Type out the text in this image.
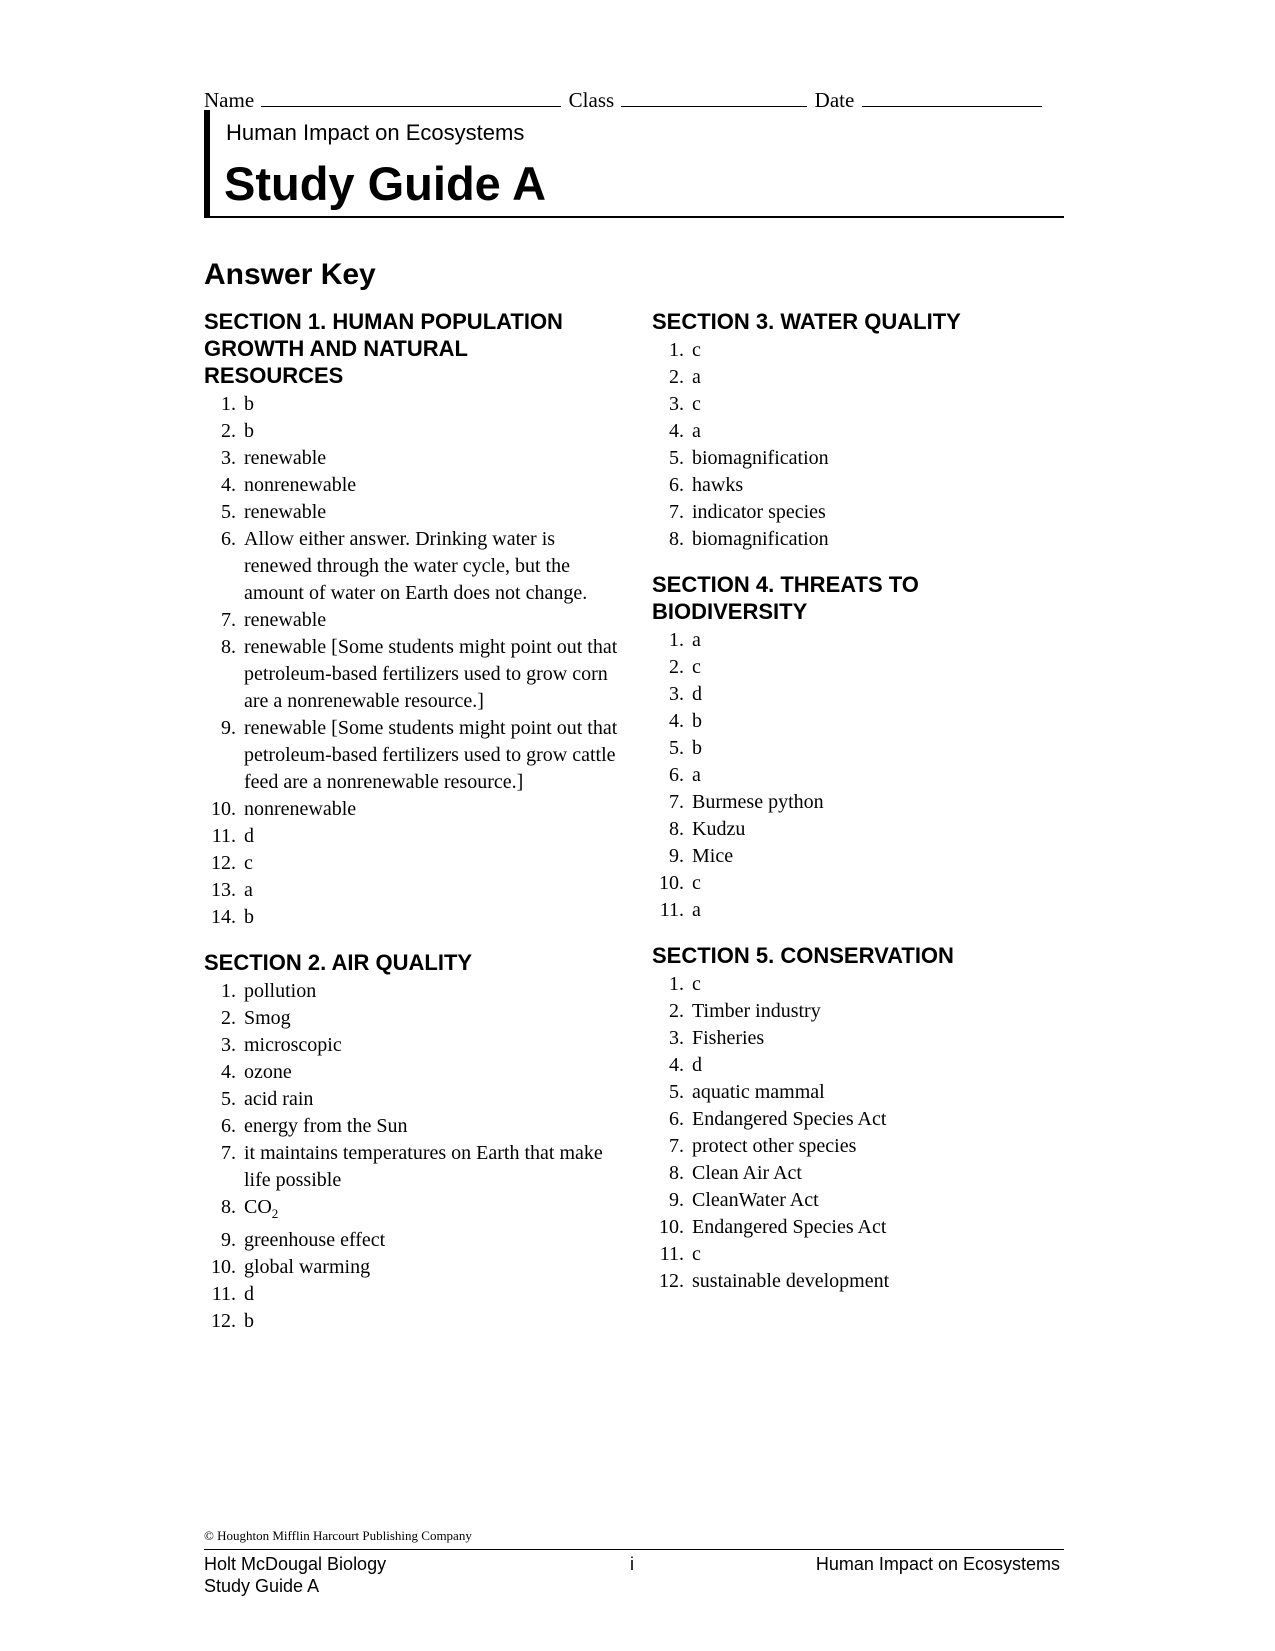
Name	Class	Date
Human Impact on Ecosystems
Study Guide A
Answer Key
SECTION 1. HUMAN POPULATION GROWTH AND NATURAL RESOURCES
1. b
2. b
3. renewable
4. nonrenewable
5. renewable
6. Allow either answer. Drinking water is renewed through the water cycle, but the amount of water on Earth does not change.
7. renewable
8. renewable [Some students might point out that petroleum-based fertilizers used to grow corn are a nonrenewable resource.]
9. renewable [Some students might point out that petroleum-based fertilizers used to grow cattle feed are a nonrenewable resource.]
10. nonrenewable
11. d
12. c
13. a
14. b
SECTION 2. AIR QUALITY
1. pollution
2. Smog
3. microscopic
4. ozone
5. acid rain
6. energy from the Sun
7. it maintains temperatures on Earth that make life possible
8. $CO_2$
9. greenhouse effect
10. global warming
11. d
12. b
SECTION 3. WATER QUALITY
1. c
2. a
3. c
4. a
5. biomagnification
6. hawks
7. indicator species
8. biomagnification
SECTION 4. THREATS TO BIODIVERSITY
1. a
2. c
3. d
4. b
5. b
6. a
7. Burmese python
8. Kudzu
9. Mice
10. c
11. a
SECTION 5. CONSERVATION
1. c
2. Timber industry
3. Fisheries
4. d
5. aquatic mammal
6. Endangered Species Act
7. protect other species
8. Clean Air Act
9. CleanWater Act
10. Endangered Species Act
11. c
12. sustainable development
© Houghton Mifflin Harcourt Publishing Company
Holt McDougal Biology
Study Guide A
i	Human Impact on Ecosystems
